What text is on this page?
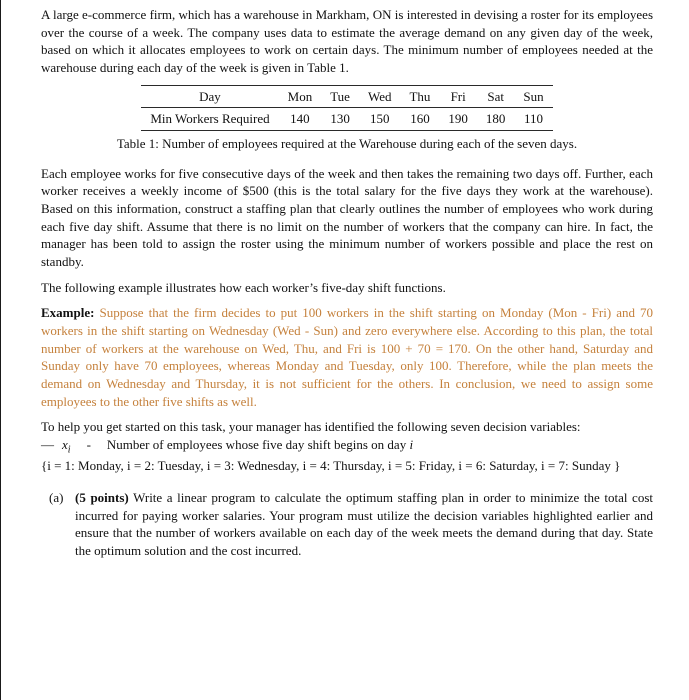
A large e-commerce firm, which has a warehouse in Markham, ON is interested in devising a roster for its employees over the course of a week. The company uses data to estimate the average demand on any given day of the week, based on which it allocates employees to work on certain days. The minimum number of employees needed at the warehouse during each day of the week is given in Table 1.

Day	Mon	Tue	Wed	Thu	Fri	Sat	Sun
Min Workers Required	140	130	150	160	190	180	110

Table 1: Number of employees required at the Warehouse during each of the seven days.

Each employee works for five consecutive days of the week and then takes the remaining two days off. Further, each worker receives a weekly income of $500 (this is the total salary for the five days they work at the warehouse). Based on this information, construct a staffing plan that clearly outlines the number of employees who work during each five day shift. Assume that there is no limit on the number of workers that the company can hire. In fact, the manager has been told to assign the roster using the minimum number of workers possible and place the rest on standby.

The following example illustrates how each worker’s five-day shift functions.

Example: Suppose that the firm decides to put 100 workers in the shift starting on Monday (Mon - Fri) and 70 workers in the shift starting on Wednesday (Wed - Sun) and zero everywhere else. According to this plan, the total number of workers at the warehouse on Wed, Thu, and Fri is 100 + 70 = 170. On the other hand, Saturday and Sunday only have 70 employees, whereas Monday and Tuesday, only 100. Therefore, while the plan meets the demand on Wednesday and Thursday, it is not sufficient for the others. In conclusion, we need to assign some employees to the other five shifts as well.

To help you get started on this task, your manager has identified the following seven decision variables:
— $x_i$ - Number of employees whose five day shift begins on day i
{i = 1: Monday, i = 2: Tuesday, i = 3: Wednesday, i = 4: Thursday, i = 5: Friday, i = 6: Saturday, i = 7: Sunday }

(a) (5 points) Write a linear program to calculate the optimum staffing plan in order to minimize the total cost incurred for paying worker salaries. Your program must utilize the decision variables highlighted earlier and ensure that the number of workers available on each day of the week meets the demand during that day. State the optimum solution and the cost incurred.
